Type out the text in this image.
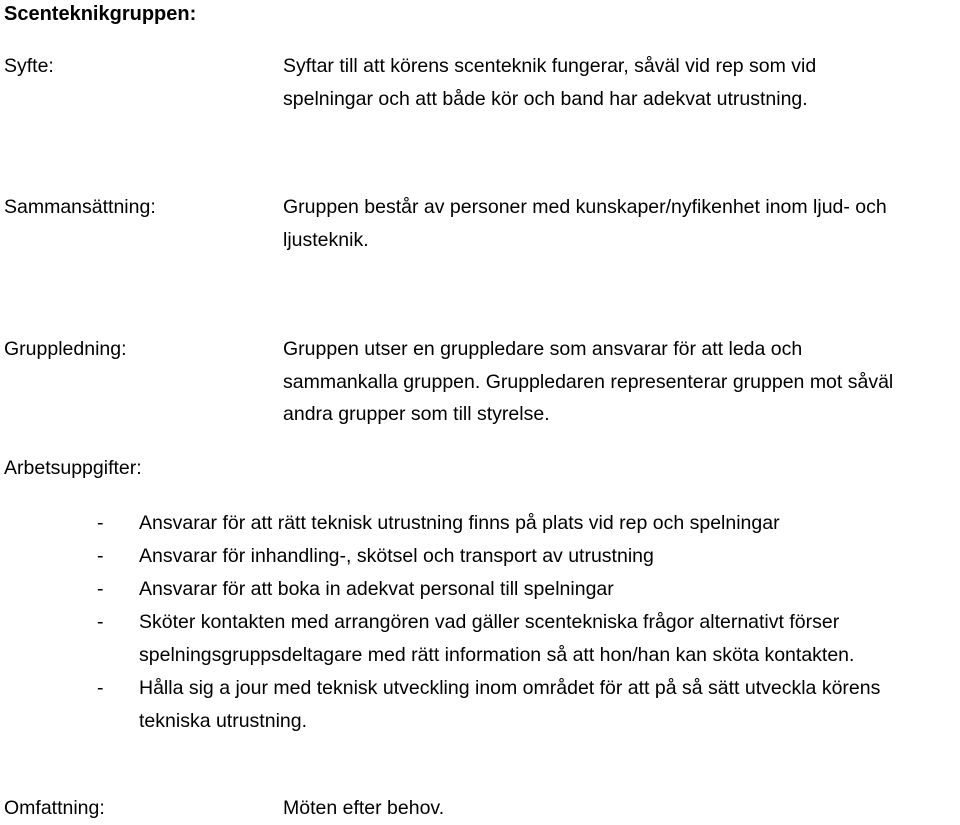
Scenteknikgruppen:
Syfte:	Syftar till att körens scenteknik fungerar, såväl vid rep som vid
spelningar och att både kör och band har adekvat utrustning.
Sammansättning:	Gruppen består av personer med kunskaper/nyfikenhet inom ljud- och
ljusteknik.
Gruppledning:	Gruppen utser en gruppledare som ansvarar för att leda och
sammankalla gruppen. Gruppledaren representerar gruppen mot såväl
andra grupper som till styrelse.
Arbetsuppgifter:
- Ansvarar för att rätt teknisk utrustning finns på plats vid rep och spelningar
- Ansvarar för inhandling-, skötsel och transport av utrustning
- Ansvarar för att boka in adekvat personal till spelningar
- Sköter kontakten med arrangören vad gäller scentekniska frågor alternativt förser
spelningsgruppsdeltagare med rätt information så att hon/han kan sköta kontakten.
- Hålla sig a jour med teknisk utveckling inom området för att på så sätt utveckla körens
tekniska utrustning.
Omfattning:	Möten efter behov.
